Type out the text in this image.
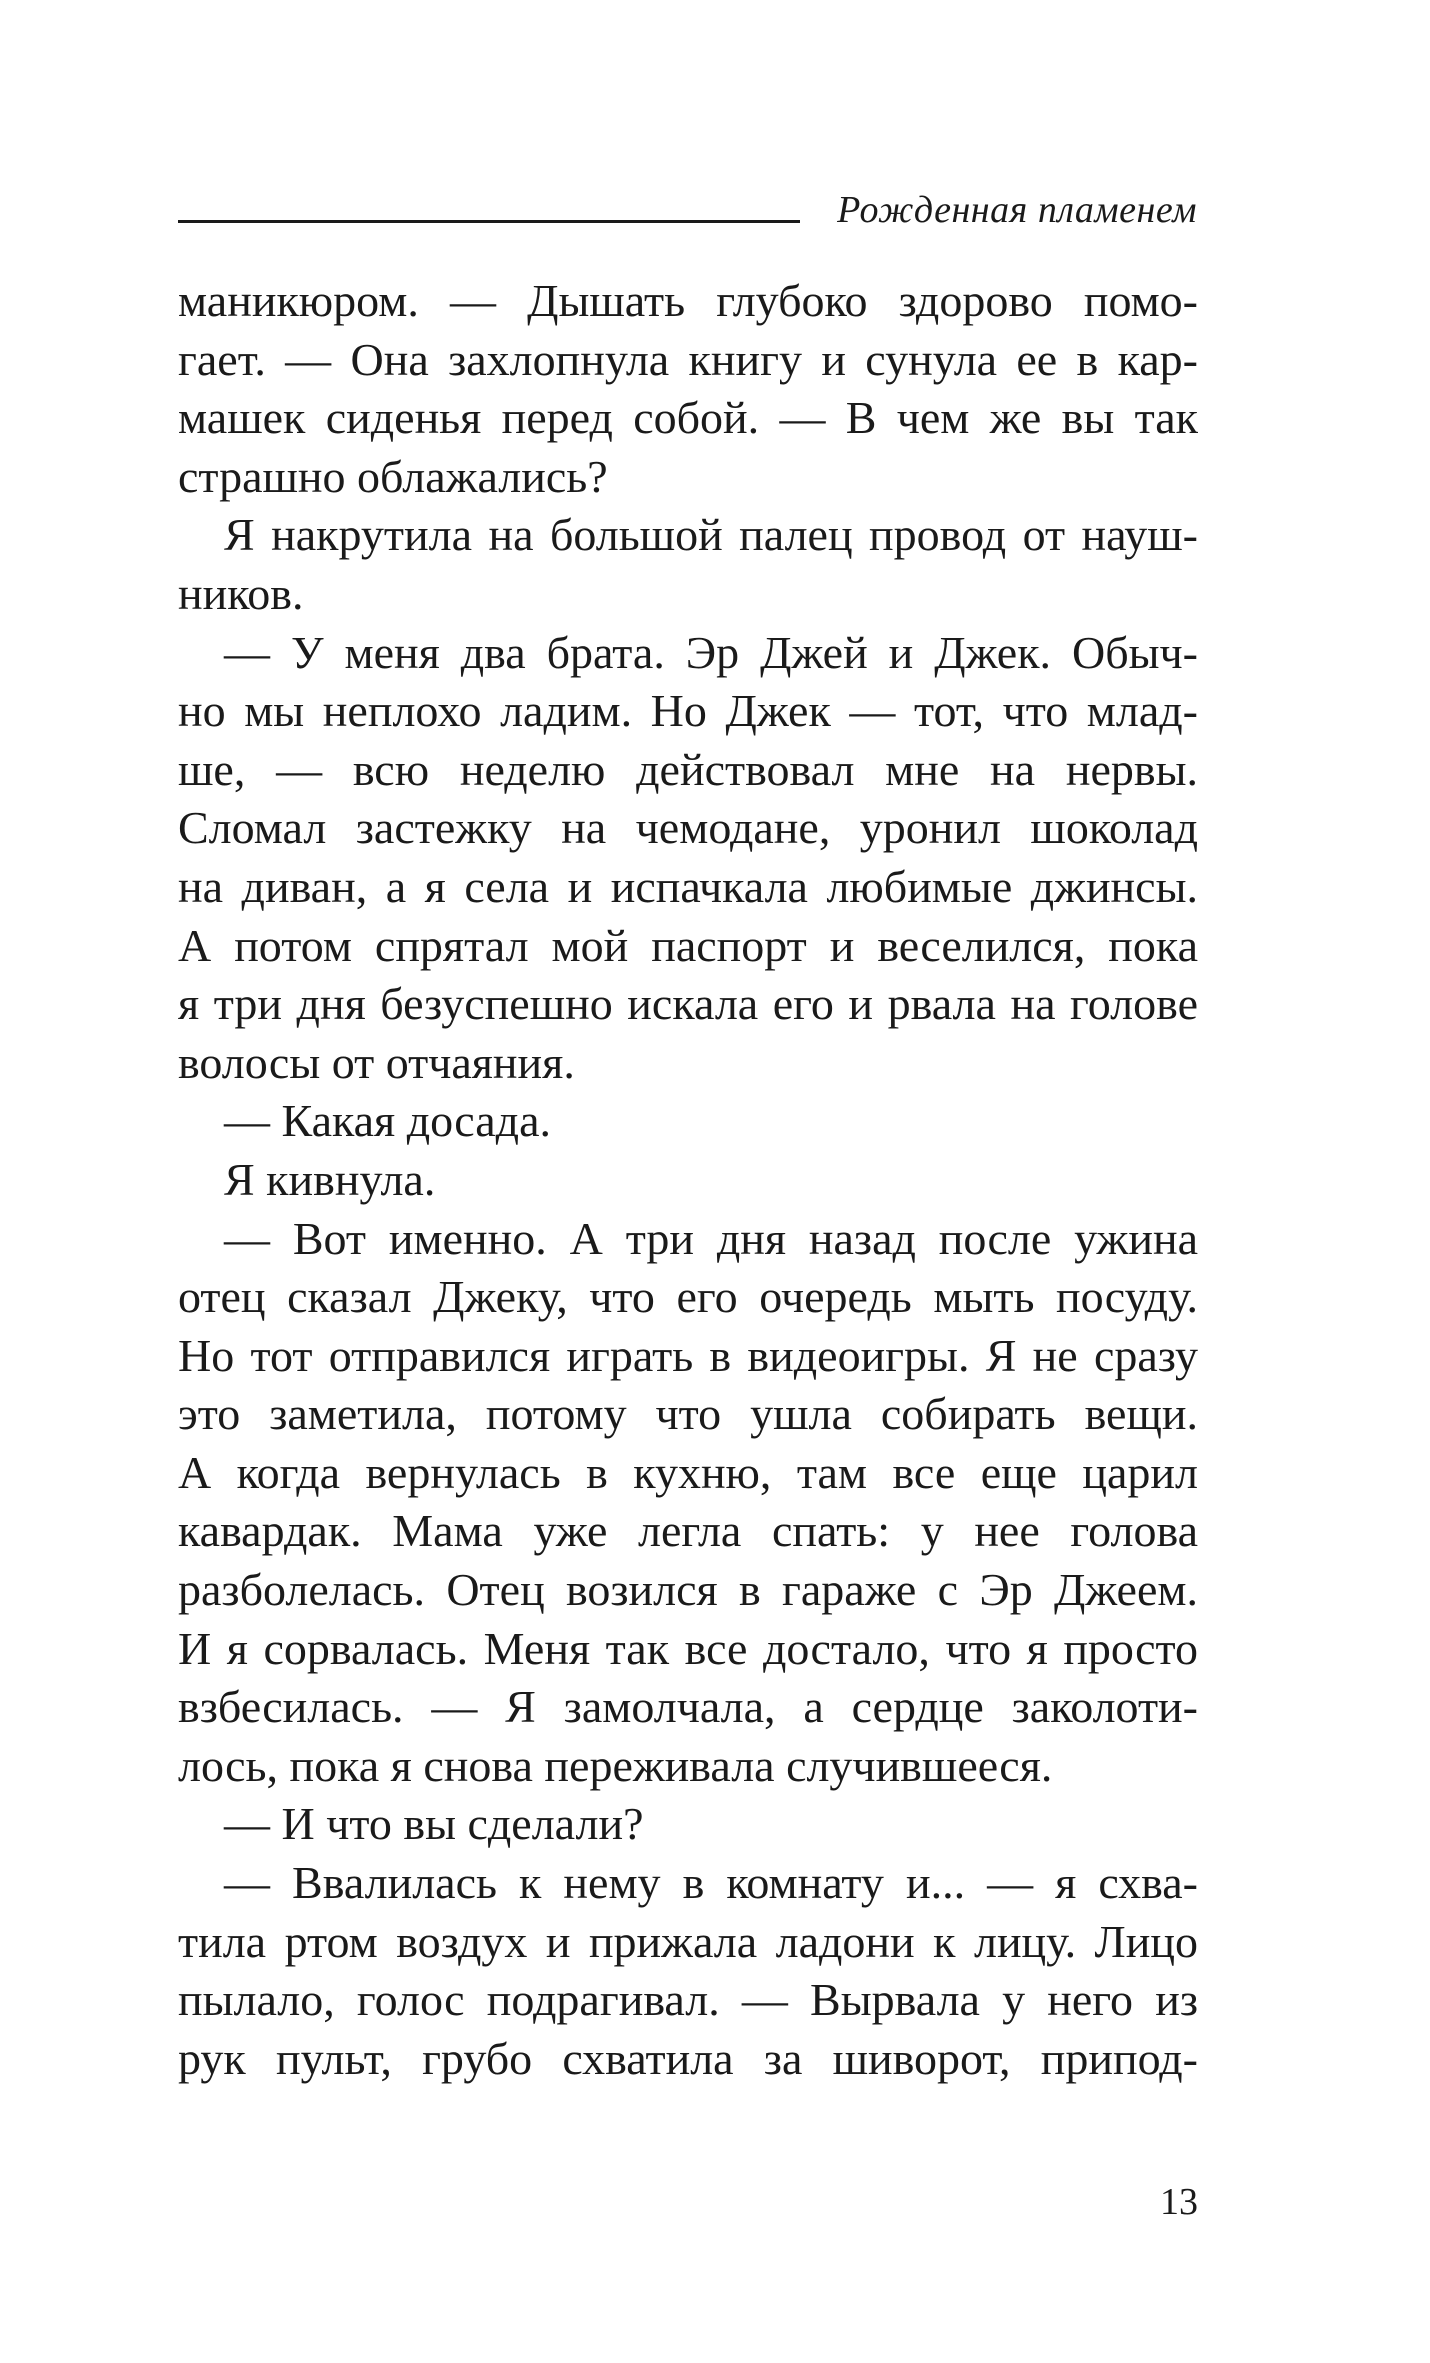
Рожденная пламенем
маникюром. — Дышать глубоко здорово помо-
гает. — Она захлопнула книгу и сунула ее в кар-
машек сиденья перед собой. — В чем же вы так
страшно облажались?
Я накрутила на большой палец провод от науш-
ников.
— У меня два брата. Эр Джей и Джек. Обыч-
но мы неплохо ладим. Но Джек — тот, что млад-
ше, — всю неделю действовал мне на нервы.
Сломал застежку на чемодане, уронил шоколад
на диван, а я села и испачкала любимые джинсы.
А потом спрятал мой паспорт и веселился, пока
я три дня безуспешно искала его и рвала на голове
волосы от отчаяния.
— Какая досада.
Я кивнула.
— Вот именно. А три дня назад после ужина
отец сказал Джеку, что его очередь мыть посуду.
Но тот отправился играть в видеоигры. Я не сразу
это заметила, потому что ушла собирать вещи.
А когда вернулась в кухню, там все еще царил
кавардак. Мама уже легла спать: у нее голова
разболелась. Отец возился в гараже с Эр Джеем.
И я сорвалась. Меня так все достало, что я просто
взбесилась. — Я замолчала, а сердце заколоти-
лось, пока я снова переживала случившееся.
— И что вы сделали?
— Ввалилась к нему в комнату и... — я схва-
тила ртом воздух и прижала ладони к лицу. Лицо
пылало, голос подрагивал. — Вырвала у него из
рук пульт, грубо схватила за шиворот, припод-
13
